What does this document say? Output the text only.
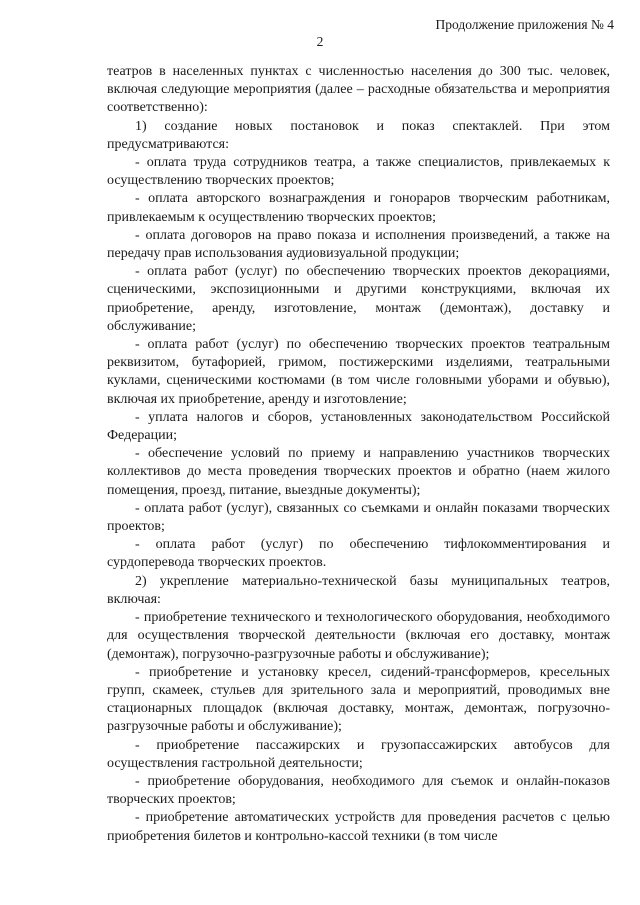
Продолжение приложения № 4
2

театров в населенных пунктах с численностью населения до 300 тыс. человек, включая следующие мероприятия (далее – расходные обязательства и мероприятия соответственно):

1) создание новых постановок и показ спектаклей. При этом предусматриваются:

- оплата труда сотрудников театра, а также специалистов, привлекаемых к осуществлению творческих проектов;

- оплата авторского вознаграждения и гонораров творческим работникам, привлекаемым к осуществлению творческих проектов;

- оплата договоров на право показа и исполнения произведений, а также на передачу прав использования аудиовизуальной продукции;

- оплата работ (услуг) по обеспечению творческих проектов декорациями, сценическими, экспозиционными и другими конструкциями, включая их приобретение, аренду, изготовление, монтаж (демонтаж), доставку и обслуживание;

- оплата работ (услуг) по обеспечению творческих проектов театральным реквизитом, бутафорией, гримом, постижерскими изделиями, театральными куклами, сценическими костюмами (в том числе головными уборами и обувью), включая их приобретение, аренду и изготовление;

- уплата налогов и сборов, установленных законодательством Российской Федерации;

- обеспечение условий по приему и направлению участников творческих коллективов до места проведения творческих проектов и обратно (наем жилого помещения, проезд, питание, выездные документы);

- оплата работ (услуг), связанных со съемками и онлайн показами творческих проектов;

- оплата работ (услуг) по обеспечению тифлокомментирования и сурдоперевода творческих проектов.

2) укрепление материально-технической базы муниципальных театров, включая:

- приобретение технического и технологического оборудования, необходимого для осуществления творческой деятельности (включая его доставку, монтаж (демонтаж), погрузочно-разгрузочные работы и обслуживание);

- приобретение и установку кресел, сидений-трансформеров, кресельных групп, скамеек, стульев для зрительного зала и мероприятий, проводимых вне стационарных площадок (включая доставку, монтаж, демонтаж, погрузочно-разгрузочные работы и обслуживание);

- приобретение пассажирских и грузопассажирских автобусов для осуществления гастрольной деятельности;

- приобретение оборудования, необходимого для съемок и онлайн-показов творческих проектов;

- приобретение автоматических устройств для проведения расчетов с целью приобретения билетов и контрольно-кассой техники (в том числе
